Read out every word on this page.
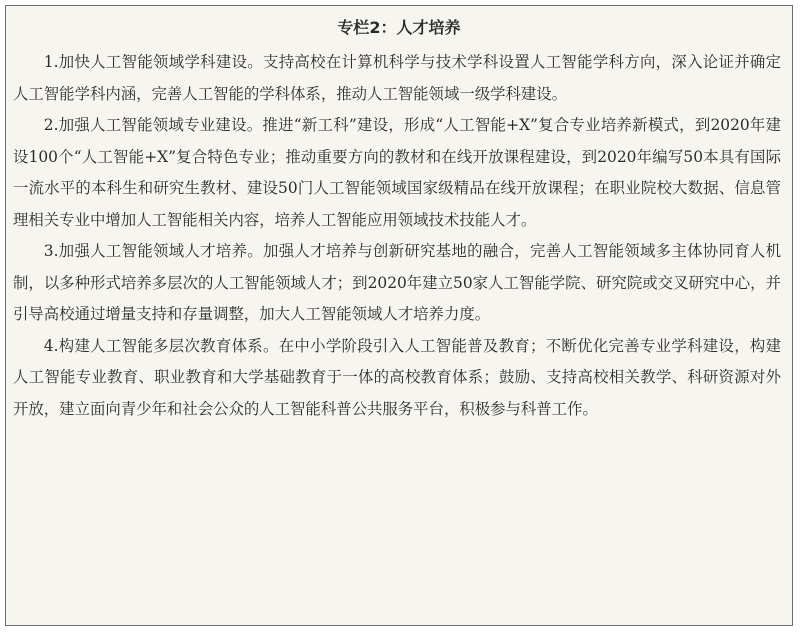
专栏2：人才培养

1.加快人工智能领域学科建设。支持高校在计算机科学与技术学科设置人工智能学科方向，深入论证并确定人工智能学科内涵，完善人工智能的学科体系，推动人工智能领域一级学科建设。

2.加强人工智能领域专业建设。推进“新工科”建设，形成“人工智能+X”复合专业培养新模式，到2020年建设100个“人工智能+X”复合特色专业；推动重要方向的教材和在线开放课程建设，到2020年编写50本具有国际一流水平的本科生和研究生教材、建设50门人工智能领域国家级精品在线开放课程；在职业院校大数据、信息管理相关专业中增加人工智能相关内容，培养人工智能应用领域技术技能人才。

3.加强人工智能领域人才培养。加强人才培养与创新研究基地的融合，完善人工智能领域多主体协同育人机制，以多种形式培养多层次的人工智能领域人才；到2020年建立50家人工智能学院、研究院或交叉研究中心，并引导高校通过增量支持和存量调整，加大人工智能领域人才培养力度。

4.构建人工智能多层次教育体系。在中小学阶段引入人工智能普及教育；不断优化完善专业学科建设，构建人工智能专业教育、职业教育和大学基础教育于一体的高校教育体系；鼓励、支持高校相关教学、科研资源对外开放，建立面向青少年和社会公众的人工智能科普公共服务平台，积极参与科普工作。
